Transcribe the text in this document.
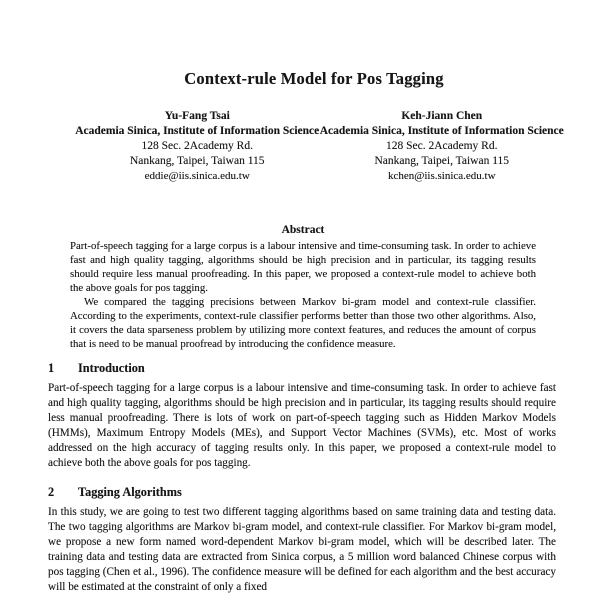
Context-rule Model for Pos Tagging
Yu-Fang Tsai
Academia Sinica, Institute of Information Science
128 Sec. 2Academy Rd.
Nankang, Taipei, Taiwan 115
eddie@iis.sinica.edu.tw
Keh-Jiann Chen
Academia Sinica, Institute of Information Science
128 Sec. 2Academy Rd.
Nankang, Taipei, Taiwan 115
kchen@iis.sinica.edu.tw
Abstract

Part-of-speech tagging for a large corpus is a labour intensive and time-consuming task. In order to achieve fast and high quality tagging, algorithms should be high precision and in particular, its tagging results should require less manual proofreading. In this paper, we proposed a context-rule model to achieve both the above goals for pos tagging.

We compared the tagging precisions between Markov bi-gram model and context-rule classifier. According to the experiments, context-rule classifier performs better than those two other algorithms. Also, it covers the data sparseness problem by utilizing more context features, and reduces the amount of corpus that is need to be manual proofread by introducing the confidence measure.

1	Introduction

Part-of-speech tagging for a large corpus is a labour intensive and time-consuming task. In order to achieve fast and high quality tagging, algorithms should be high precision and in particular, its tagging results should require less manual proofreading. There is lots of work on part-of-speech tagging such as Hidden Markov Models (HMMs), Maximum Entropy Models (MEs), and Support Vector Machines (SVMs), etc. Most of works addressed on the high accuracy of tagging results only. In this paper, we proposed a context-rule model to achieve both the above goals for pos tagging.

2	Tagging Algorithms

In this study, we are going to test two different tagging algorithms based on same training data and testing data. The two tagging algorithms are Markov bi-gram model, and context-rule classifier. For Markov bi-gram model, we propose a new form named word-dependent Markov bi-gram model, which will be described later. The training data and testing data are extracted from Sinica corpus, a 5 million word balanced Chinese corpus with pos tagging (Chen et al., 1996). The confidence measure will be defined for each algorithm and the best accuracy will be estimated at the constraint of only a fixed
